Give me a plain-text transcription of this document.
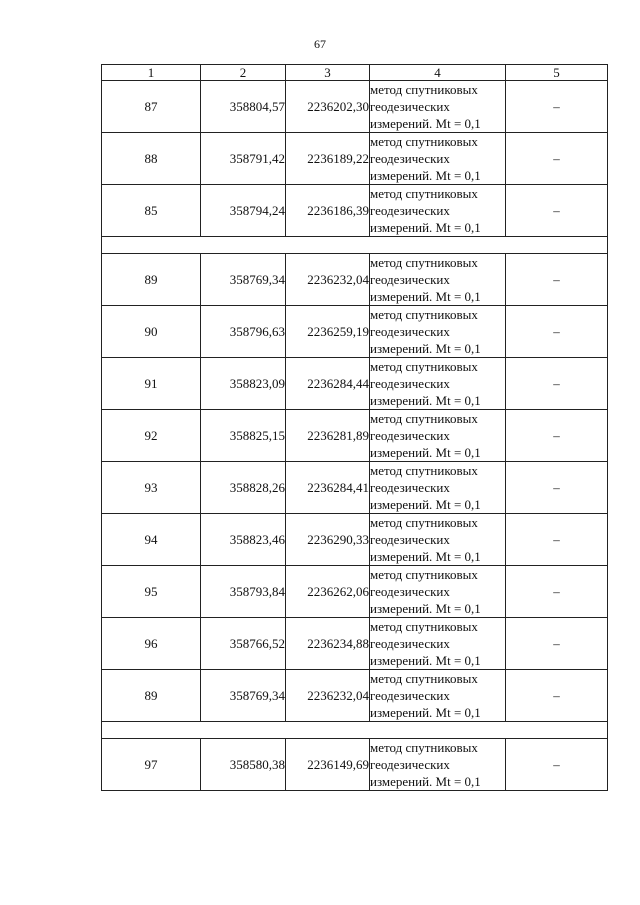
67
1	2	3	4	5
87	358804,57	2236202,30	метод спутниковых
геодезических
измерений. Mt = 0,1	–
88	358791,42	2236189,22	метод спутниковых
геодезических
измерений. Mt = 0,1	–
85	358794,24	2236186,39	метод спутниковых
геодезических
измерений. Mt = 0,1	–

89	358769,34	2236232,04	метод спутниковых
геодезических
измерений. Mt = 0,1	–
90	358796,63	2236259,19	метод спутниковых
геодезических
измерений. Mt = 0,1	–
91	358823,09	2236284,44	метод спутниковых
геодезических
измерений. Mt = 0,1	–
92	358825,15	2236281,89	метод спутниковых
геодезических
измерений. Mt = 0,1	–
93	358828,26	2236284,41	метод спутниковых
геодезических
измерений. Mt = 0,1	–
94	358823,46	2236290,33	метод спутниковых
геодезических
измерений. Mt = 0,1	–
95	358793,84	2236262,06	метод спутниковых
геодезических
измерений. Mt = 0,1	–
96	358766,52	2236234,88	метод спутниковых
геодезических
измерений. Mt = 0,1	–
89	358769,34	2236232,04	метод спутниковых
геодезических
измерений. Mt = 0,1	–

97	358580,38	2236149,69	метод спутниковых
геодезических
измерений. Mt = 0,1	–
